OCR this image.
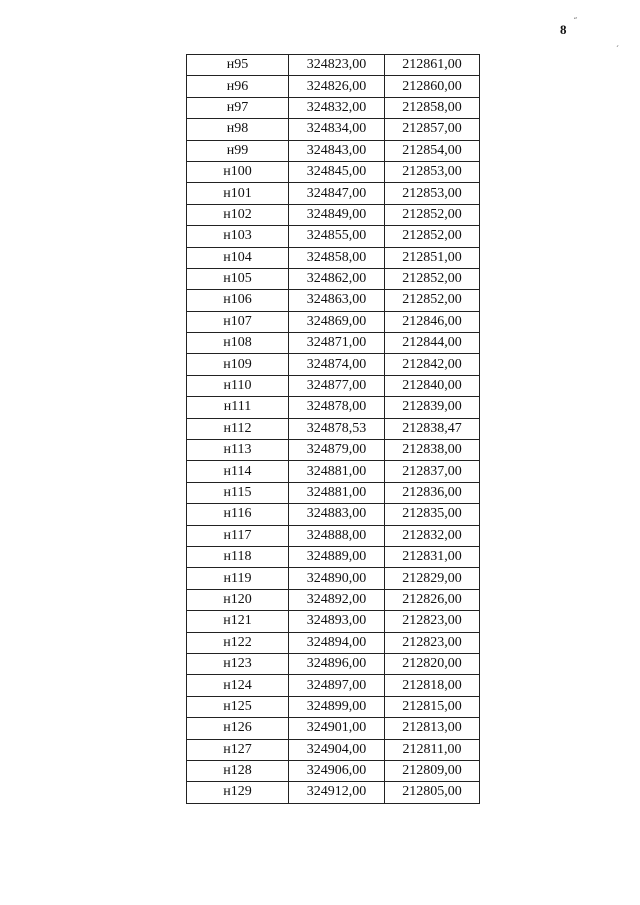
8
˝
ˊ
н95	324823,00	212861,00
н96	324826,00	212860,00
н97	324832,00	212858,00
н98	324834,00	212857,00
н99	324843,00	212854,00
н100	324845,00	212853,00
н101	324847,00	212853,00
н102	324849,00	212852,00
н103	324855,00	212852,00
н104	324858,00	212851,00
н105	324862,00	212852,00
н106	324863,00	212852,00
н107	324869,00	212846,00
н108	324871,00	212844,00
н109	324874,00	212842,00
н110	324877,00	212840,00
н111	324878,00	212839,00
н112	324878,53	212838,47
н113	324879,00	212838,00
н114	324881,00	212837,00
н115	324881,00	212836,00
н116	324883,00	212835,00
н117	324888,00	212832,00
н118	324889,00	212831,00
н119	324890,00	212829,00
н120	324892,00	212826,00
н121	324893,00	212823,00
н122	324894,00	212823,00
н123	324896,00	212820,00
н124	324897,00	212818,00
н125	324899,00	212815,00
н126	324901,00	212813,00
н127	324904,00	212811,00
н128	324906,00	212809,00
н129	324912,00	212805,00
